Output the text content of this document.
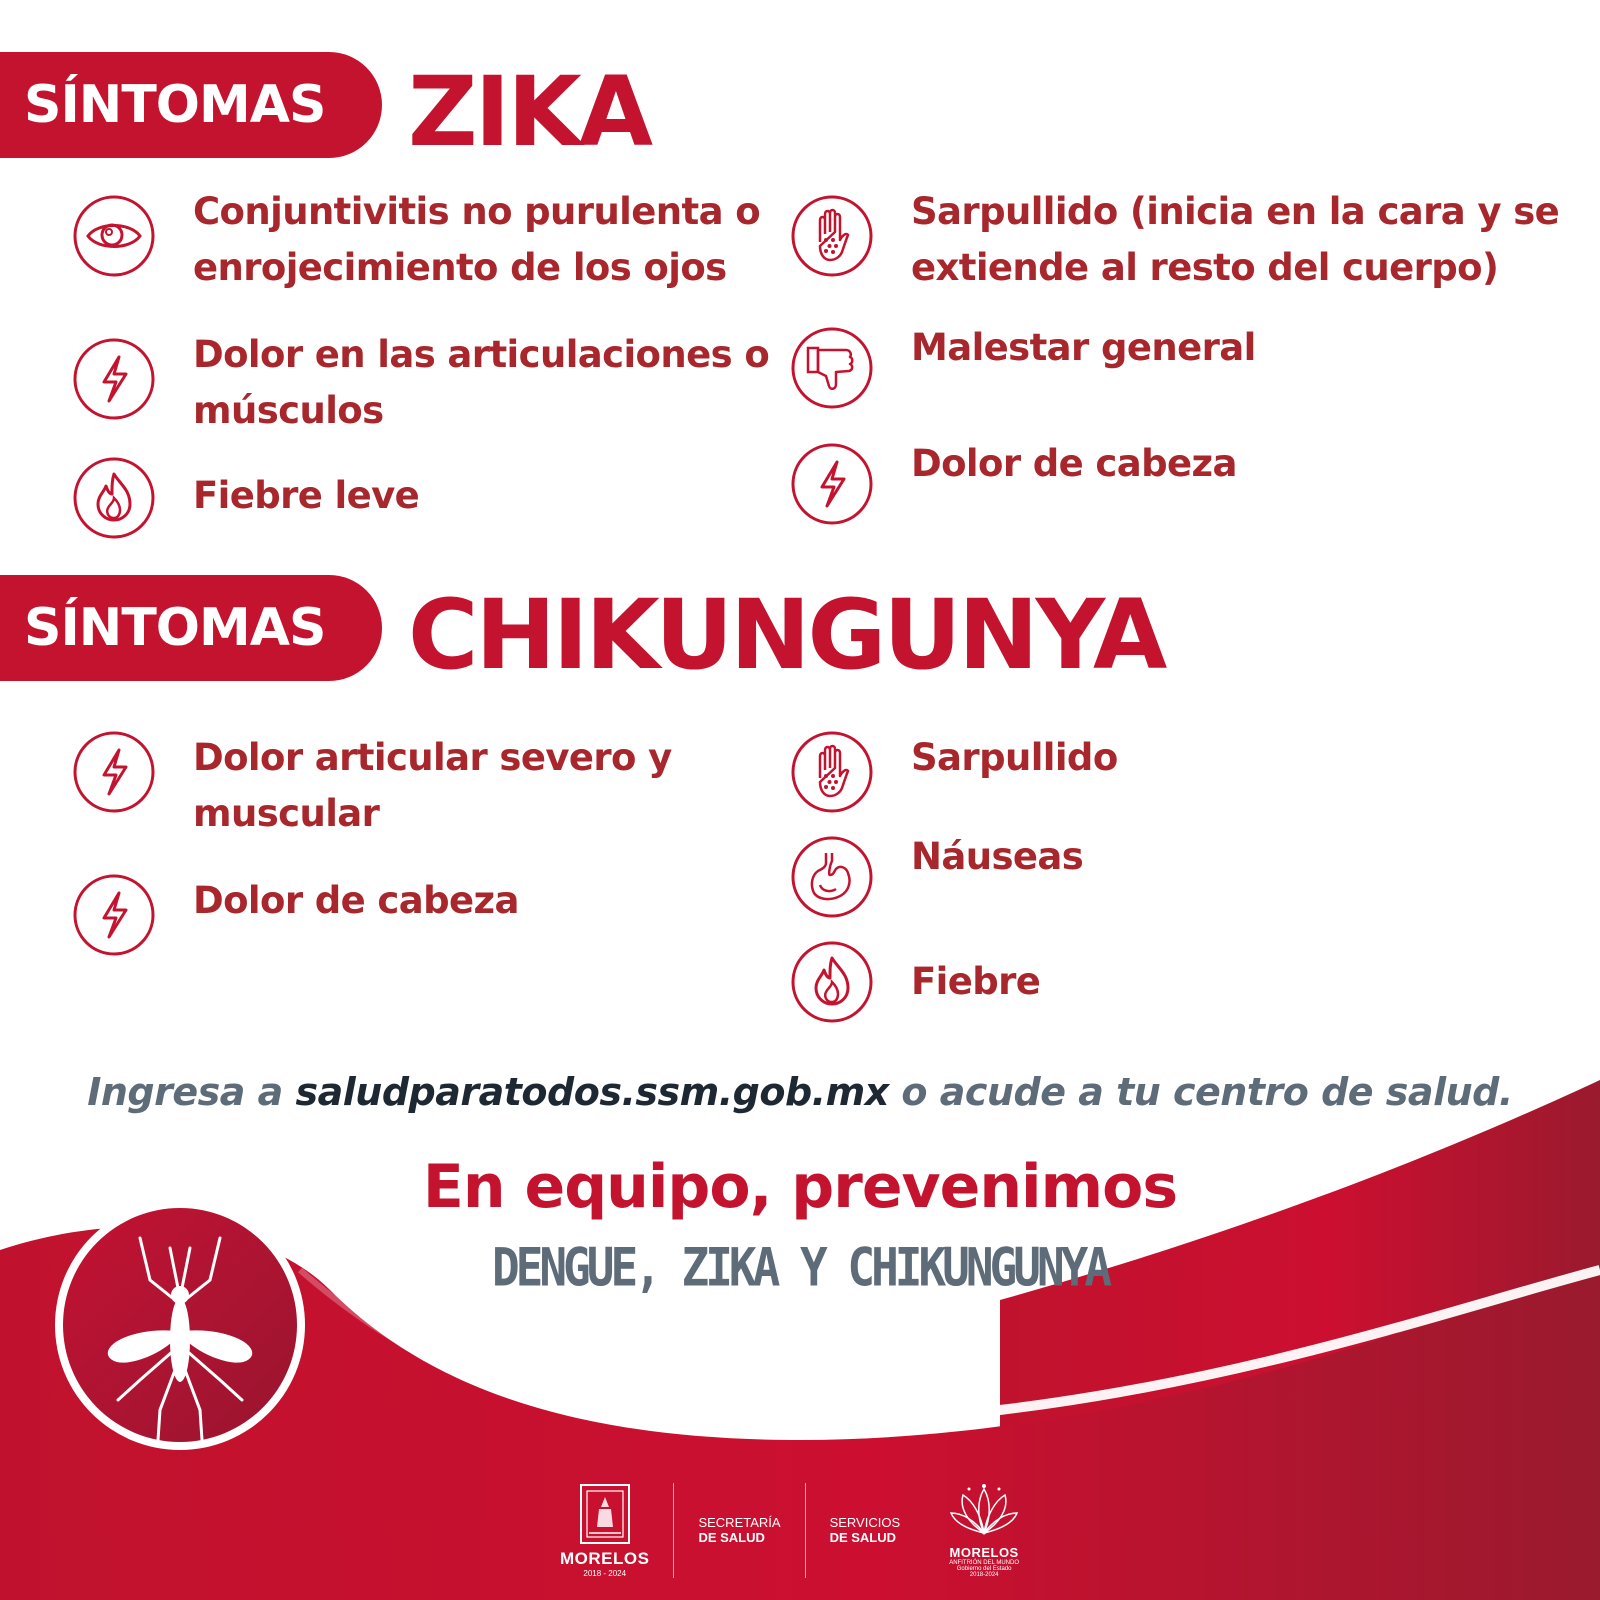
SÍNTOMAS ZIKA
Conjuntivitis no purulenta o
enrojecimiento de los ojos
Dolor en las articulaciones o
músculos
Fiebre leve
Sarpullido (inicia en la cara y se
extiende al resto del cuerpo)
Malestar general
Dolor de cabeza
SÍNTOMAS CHIKUNGUNYA
Dolor articular severo y
muscular
Dolor de cabeza
Sarpullido
Náuseas
Fiebre
Ingresa a saludparatodos.ssm.gob.mx o acude a tu centro de salud.
En equipo, prevenimos
DENGUE, ZIKA Y CHIKUNGUNYA
MORELOS
2018 - 2024
SECRETARÍA
DE SALUD
SERVICIOS
DE SALUD
MORELOS
ANFITRIÓN DEL MUNDO
Gobierno del Estado
2018-2024
